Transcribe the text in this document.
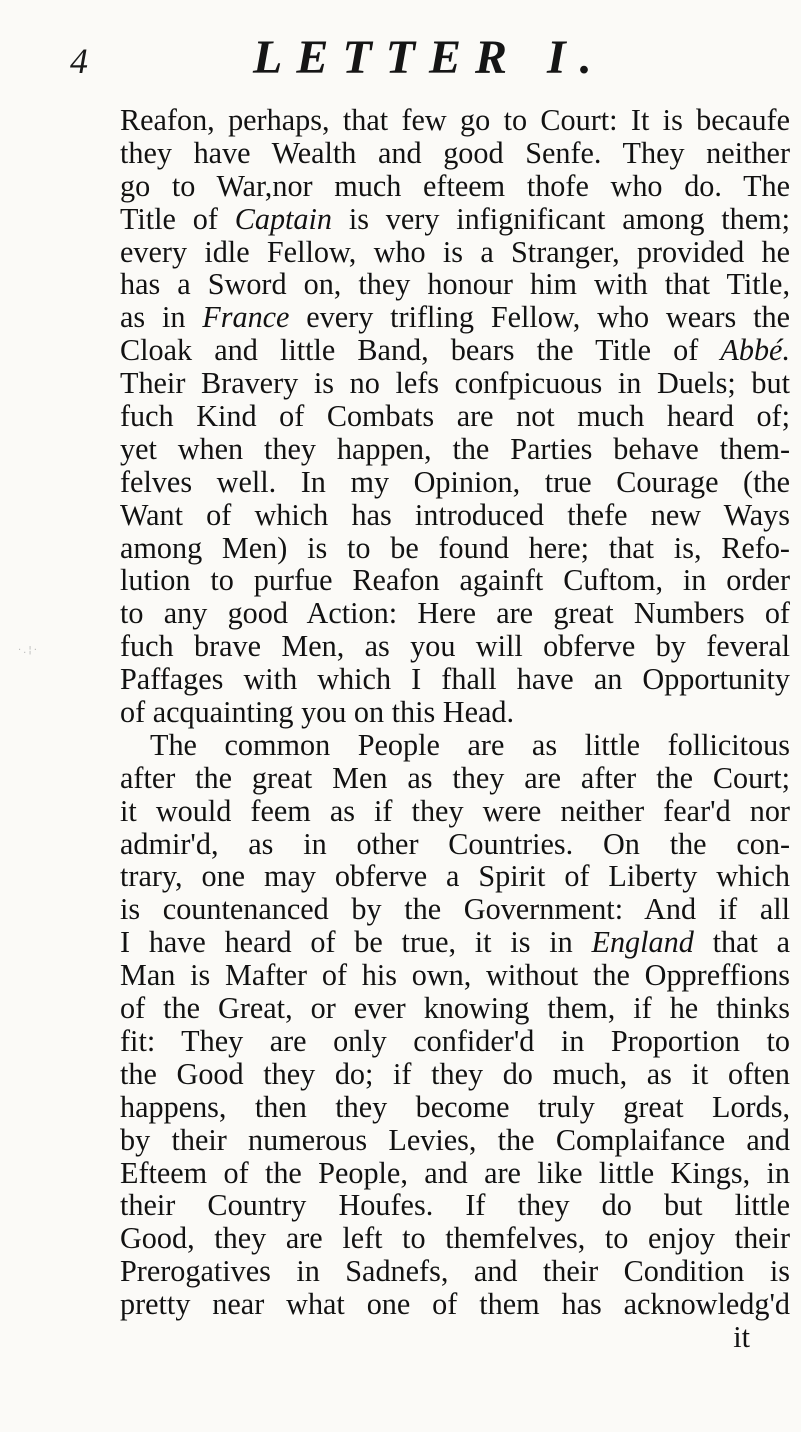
4	LETTER I.
·.¦·
Reafon, perhaps, that few go to Court: It is becaufe
they have Wealth and good Senfe. They neither
go to War,nor much efteem thofe who do. The
Title of Captain is very infignificant among them;
every idle Fellow, who is a Stranger, provided he
has a Sword on, they honour him with that Title,
as in France every trifling Fellow, who wears the
Cloak and little Band, bears the Title of Abbé.
Their Bravery is no lefs confpicuous in Duels; but
fuch Kind of Combats are not much heard of;
yet when they happen, the Parties behave them-
felves well. In my Opinion, true Courage (the
Want of which has introduced thefe new Ways
among Men) is to be found here; that is, Refo-
lution to purfue Reafon againft Cuftom, in order
to any good Action: Here are great Numbers of
fuch brave Men, as you will obferve by feveral
Paffages with which I fhall have an Opportunity
of acquainting you on this Head.
The common People are as little follicitous
after the great Men as they are after the Court;
it would feem as if they were neither fear'd nor
admir'd, as in other Countries. On the con-
trary, one may obferve a Spirit of Liberty which
is countenanced by the Government: And if all
I have heard of be true, it is in England that a
Man is Mafter of his own, without the Oppreffions
of the Great, or ever knowing them, if he thinks
fit: They are only confider'd in Proportion to
the Good they do; if they do much, as it often
happens, then they become truly great Lords,
by their numerous Levies, the Complaifance and
Efteem of the People, and are like little Kings, in
their Country Houfes. If they do but little
Good, they are left to themfelves, to enjoy their
Prerogatives in Sadnefs, and their Condition is
pretty near what one of them has acknowledg'd
it
